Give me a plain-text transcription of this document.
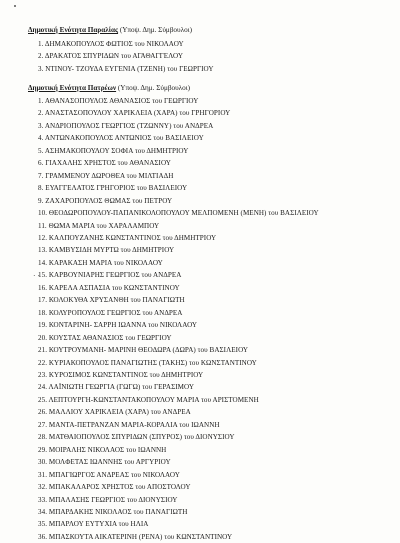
Δημοτική Ενότητα Παραλίας (Υποψ. Δημ. Σύμβουλοι)
1. ΔΗΜΑΚΟΠΟΥΛΟΣ ΦΩΤΙΟΣ του ΝΙΚΟΛΑΟΥ
2. ΔΡΑΚΑΤΟΣ ΣΠΥΡΙΔΩΝ του ΑΓΑΘΑΓΓΕΛΟΥ
3. ΝΤΙΝΟΥ- ΤΖΟΥΔΑ ΕΥΓΕΝΙΑ (ΤΖΕΝΗ) του ΓΕΩΡΓΙΟΥ
Δημοτική Ενότητα Πατρέων (Υποψ. Δημ. Σύμβουλοι)
1. ΑΘΑΝΑΣΟΠΟΥΛΟΣ ΑΘΑΝΑΣΙΟΣ του ΓΕΩΡΓΙΟΥ
2. ΑΝΑΣΤΑΣΟΠΟΥΛΟΥ ΧΑΡΙΚΛΕΙΑ (ΧΑΡΑ) του ΓΡΗΓΟΡΙΟΥ
3. ΑΝΔΡΙΟΠΟΥΛΟΣ ΓΕΩΡΓΙΟΣ (ΤΖΩΝΝΥ) του ΑΝΔΡΕΑ
4. ΑΝΤΩΝΑΚΟΠΟΥΛΟΣ ΑΝΤΩΝΙΟΣ του ΒΑΣΙΛΕΙΟΥ
5. ΑΣΗΜΑΚΟΠΟΥΛΟΥ ΣΟΦΙΑ του ΔΗΜΗΤΡΙΟΥ
6. ΓΙΑΧΑΛΗΣ ΧΡΗΣΤΟΣ του ΑΘΑΝΑΣΙΟΥ
7. ΓΡΑΜΜΕΝΟΥ ΔΩΡΟΘΕΑ του ΜΙΛΤΙΑΔΗ
8. ΕΥΑΓΓΕΛΑΤΟΣ ΓΡΗΓΟΡΙΟΣ του ΒΑΣΙΛΕΙΟΥ
9. ΖΑΧΑΡΟΠΟΥΛΟΣ ΘΩΜΑΣ του ΠΕΤΡΟΥ
10. ΘΕΟΔΩΡΟΠΟΥΛΟΥ-ΠΑΠΑΝΙΚΟΛΟΠΟΥΛΟΥ ΜΕΛΠΟΜΕΝΗ (ΜΕΝΗ) του ΒΑΣΙΛΕΙΟΥ
11. ΘΩΜΑ ΜΑΡΙΑ του ΧΑΡΑΛΑΜΠΟΥ
12. ΚΑΛΠΟΥΖΑΝΗΣ ΚΩΝΣΤΑΝΤΙΝΟΣ του ΔΗΜΗΤΡΙΟΥ
13. ΚΑΜΒΥΣΙΔΗ ΜΥΡΤΩ του ΔΗΜΗΤΡΙΟΥ
14. ΚΑΡΑΚΑΣΗ ΜΑΡΙΑ του ΝΙΚΟΛΑΟΥ
15. ΚΑΡΒΟΥΝΙΑΡΗΣ ΓΕΩΡΓΙΟΣ του ΑΝΔΡΕΑ
16. ΚΑΡΕΛΑ ΑΣΠΑΣΙΑ του ΚΩΝΣΤΑΝΤΙΝΟΥ
17. ΚΟΛΟΚΥΘΑ ΧΡΥΣΑΝΘΗ του ΠΑΝΑΓΙΩΤΗ
18. ΚΟΛΥΡΟΠΟΥΛΟΣ ΓΕΩΡΓΙΟΣ του ΑΝΔΡΕΑ
19. ΚΟΝΤΑΡΙΝΗ- ΣΑΡΡΗ ΙΩΑΝΝΑ του ΝΙΚΟΛΑΟΥ
20. ΚΟΥΣΤΑΣ ΑΘΑΝΑΣΙΟΣ του ΓΕΩΡΓΙΟΥ
21. ΚΟΥΤΡΟΥΜΑΝΗ- ΜΑΡΙΝΗ ΘΕΟΔΩΡΑ (ΔΩΡΑ) του ΒΑΣΙΛΕΙΟΥ
22. ΚΥΡΙΑΚΟΠΟΥΛΟΣ ΠΑΝΑΓΙΩΤΗΣ (ΤΑΚΗΣ) του ΚΩΝΣΤΑΝΤΙΝΟΥ
23. ΚΥΡΟΣΙΜΟΣ ΚΩΝΣΤΑΝΤΙΝΟΣ του ΔΗΜΗΤΡΙΟΥ
24. ΛΑΪΝΙΩΤΗ ΓΕΩΡΓΙΑ (ΓΩΓΩ) του ΓΕΡΑΣΙΜΟΥ
25. ΛΕΠΤΟΥΡΓΗ-ΚΩΝΣΤΑΝΤΑΚΟΠΟΥΛΟΥ ΜΑΡΙΑ του ΑΡΙΣΤΟΜΕΝΗ
26. ΜΑΛΛΙΟΥ ΧΑΡΙΚΛΕΙΑ (ΧΑΡΑ) του ΑΝΔΡΕΑ
27. ΜΑΝΤΑ-ΠΕΤΡΑΝΖΑΝ ΜΑΡΙΑ-ΚΟΡΑΛΙΑ του ΙΩΑΝΝΗ
28. ΜΑΤΘΑΙΟΠΟΥΛΟΣ ΣΠΥΡΙΔΩΝ (ΣΠΥΡΟΣ) του ΔΙΟΝΥΣΙΟΥ
29. ΜΟΙΡΑΛΗΣ ΝΙΚΟΛΑΟΣ του ΙΩΑΝΝΗ
30. ΜΟΛΦΕΤΑΣ ΙΩΑΝΝΗΣ του ΑΡΓΥΡΙΟΥ
31. ΜΠΑΓΙΩΡΓΟΣ ΑΝΔΡΕΑΣ του ΝΙΚΟΛΑΟΥ
32. ΜΠΑΚΑΛΑΡΟΣ ΧΡΗΣΤΟΣ του ΑΠΟΣΤΟΛΟΥ
33. ΜΠΑΛΑΣΗΣ ΓΕΩΡΓΙΟΣ του ΔΙΟΝΥΣΙΟΥ
34. ΜΠΑΡΔΑΚΗΣ ΝΙΚΟΛΑΟΣ του ΠΑΝΑΓΙΩΤΗ
35. ΜΠΑΡΛΟΥ ΕΥΤΥΧΙΑ του ΗΛΙΑ
36. ΜΠΑΣΚΟΥΤΑ ΑΙΚΑΤΕΡΙΝΗ (ΡΕΝΑ) του ΚΩΝΣΤΑΝΤΙΝΟΥ
· ·
